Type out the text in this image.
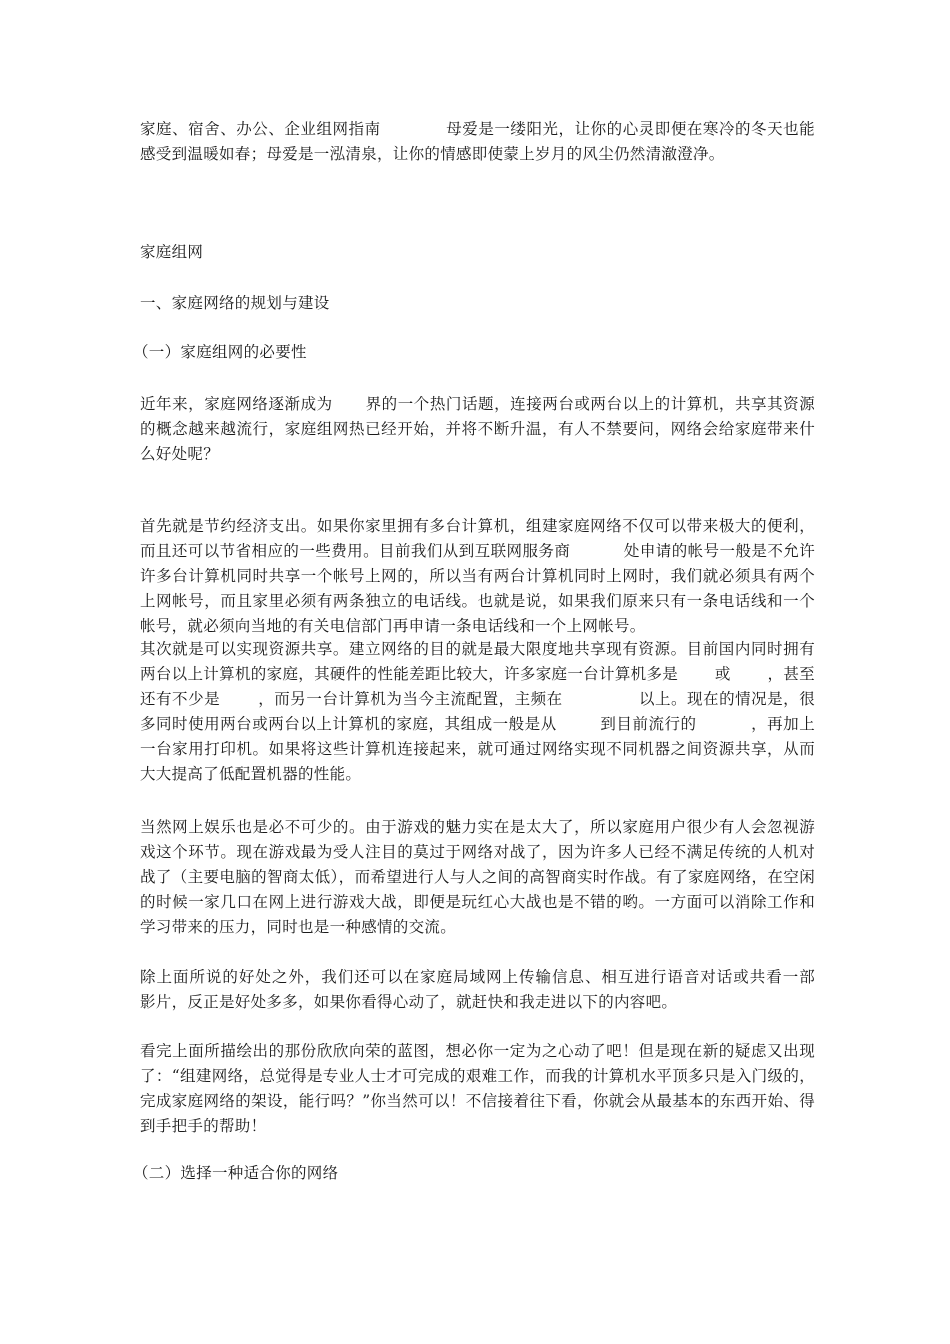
家庭、宿舍、办公、企业组网指南            母爱是一缕阳光，让你的心灵即便在寒冷的冬天也能感受到温暖如春；母爱是一泓清泉，让你的情感即使蒙上岁月的风尘仍然清澈澄净。
家庭组网
一、家庭网络的规划与建设
（一）家庭组网的必要性
近年来，家庭网络逐渐成为      界的一个热门话题，连接两台或两台以上的计算机，共享其资源的概念越来越流行，家庭组网热已经开始，并将不断升温，有人不禁要问，网络会给家庭带来什么好处呢？
首先就是节约经济支出。如果你家里拥有多台计算机，组建家庭网络不仅可以带来极大的便利，而且还可以节省相应的一些费用。目前我们从到互联网服务商          处申请的帐号一般是不允许许多台计算机同时共享一个帐号上网的，所以当有两台计算机同时上网时，我们就必须具有两个上网帐号，而且家里必须有两条独立的电话线。也就是说，如果我们原来只有一条电话线和一个帐号，就必须向当地的有关电信部门再申请一条电话线和一个上网帐号。
其次就是可以实现资源共享。建立网络的目的就是最大限度地共享现有资源。目前国内同时拥有两台以上计算机的家庭，其硬件的性能差距比较大，许多家庭一台计算机多是       或       ，甚至还有不少是       ，而另一台计算机为当今主流配置，主频在              以上。现在的情况是，很多同时使用两台或两台以上计算机的家庭，其组成一般是从        到目前流行的          ，再加上一台家用打印机。如果将这些计算机连接起来，就可通过网络实现不同机器之间资源共享，从而大大提高了低配置机器的性能。
当然网上娱乐也是必不可少的。由于游戏的魅力实在是太大了，所以家庭用户很少有人会忽视游戏这个环节。现在游戏最为受人注目的莫过于网络对战了，因为许多人已经不满足传统的人机对战了（主要电脑的智商太低），而希望进行人与人之间的高智商实时作战。有了家庭网络，在空闲的时候一家几口在网上进行游戏大战，即便是玩红心大战也是不错的哟。一方面可以消除工作和学习带来的压力，同时也是一种感情的交流。
除上面所说的好处之外，我们还可以在家庭局域网上传输信息、相互进行语音对话或共看一部        影片，反正是好处多多，如果你看得心动了，就赶快和我走进以下的内容吧。
看完上面所描绘出的那份欣欣向荣的蓝图，想必你一定为之心动了吧！但是现在新的疑虑又出现了：“组建网络，总觉得是专业人士才可完成的艰难工作，而我的计算机水平顶多只是入门级的，完成家庭网络的架设，能行吗？”你当然可以！不信接着往下看，你就会从最基本的东西开始、得到手把手的帮助！
（二）选择一种适合你的网络
